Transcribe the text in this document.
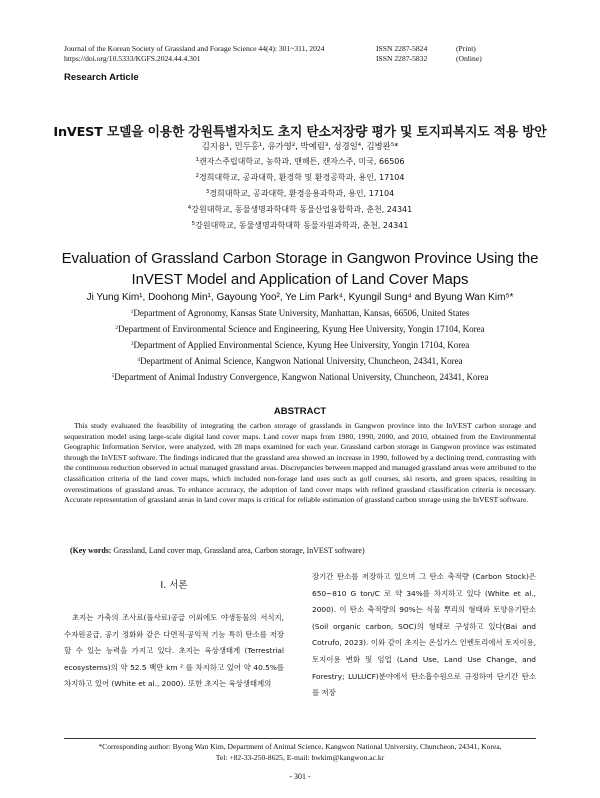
Journal of the Korean Society of Grassland and Forage Science 44(4): 301~311, 2024
https://doi.org/10.5333/KGFS.2024.44.4.301
ISSN 2287-5824	(Print)
ISSN 2287-5832	(Online)
Research Article
InVEST 모델을 이용한 강원특별자치도 초지 탄소저장량 평가 및 토지피복지도 적용 방안
김지융¹, 민두홍¹, 유가영², 박예림³, 성경일⁴, 김병완⁵*
$^1$캔자스주립대학교, 농학과, 맨해튼, 캔자스주, 미국, 66506
$^2$경희대학교, 공과대학, 환경학 및 환경공학과, 용인, 17104
$^3$경희대학교, 공과대학, 환경응용과학과, 용인, 17104
$^4$강원대학교, 동물생명과학대학 동물산업융합학과, 춘천, 24341
$^5$강원대학교, 동물생명과학대학 동물자원과학과, 춘천, 24341
Evaluation of Grassland Carbon Storage in Gangwon Province Using the
InVEST Model and Application of Land Cover Maps
Ji Yung Kim¹, Doohong Min¹, Gayoung Yoo², Ye Lim Park⁴, Kyungil Sung⁴ and Byung Wan Kim⁵*
$^1$Department of Agronomy, Kansas State University, Manhattan, Kansas, 66506, United States
$^2$Department of Environmental Science and Engineering, Kyung Hee University, Yongin 17104, Korea
$^3$Department of Applied Environmental Science, Kyung Hee University, Yongin 17104, Korea
$^4$Department of Animal Science, Kangwon National University, Chuncheon, 24341, Korea
$^5$Department of Animal Industry Convergence, Kangwon National University, Chuncheon, 24341, Korea
ABSTRACT
This study evaluated the feasibility of integrating the carbon storage of grasslands in Gangwon province into the InVEST carbon storage and sequestration model using large-scale digital land cover maps. Land cover maps from 1980, 1990, 2000, and 2010, obtained from the Environmental Geographic Information Service, were analyzed, with 28 maps examined for each year. Grassland carbon storage in Gangwon province was estimated through the InVEST software. The findings indicated that the grassland area showed an increase in 1990, followed by a declining trend, contrasting with the continuous reduction observed in actual managed grassland areas. Discrepancies between mapped and managed grassland areas were attributed to the classification criteria of the land cover maps, which included non-forage land uses such as golf courses, ski resorts, and green spaces, resulting in overestimations of grassland areas. To enhance accuracy, the adoption of land cover maps with refined grassland classification criteria is necessary. Accurate representation of grassland areas in land cover maps is critical for reliable estimation of grassland carbon storage using the InVEST software.
(Key words: Grassland, Land cover map, Grassland area, Carbon storage, InVEST software)
Ⅰ. 서론
초지는 가축의 조사료(풀사료)공급 이외에도 야생동물의 서식지, 수자원공급, 공기 정화와 같은 다면적·공익적 기능 특히 탄소를 저장할 수 있는 능력을 가지고 있다. 초지는 육상생태계 (Terrestrial ecosystems)의 약 52.5 백만 km ² 를 차지하고 있어 약 40.5%를 차지하고 있어 (White et al., 2000). 또한 초지는 육상생태계의
장기간 탄소를 저장하고 있으며 그 탄소 축적량 (Carbon Stock)은 650~810 G ton/C 로 약 34%를 차지하고 있다 (White et al., 2000). 이 탄소 축적량의 90%는 식물 뿌리의 형태와 토양유기탄소 (Soil organic carbon, SOC)의 형태로 구성하고 있다(Bai and Cotrufo, 2023). 이와 같이 초지는 온실가스 인벤토리에서 토지이용, 토지이용 변화 및 임업 (Land Use, Land Use Change, and Forestry; LULUCF)분야에서 탄소흡수원으로 규정하여 단기간 탄소를 저장
*Corresponding author: Byong Wan Kim, Department of Animal Science, Kangwon National University, Chuncheon, 24341, Korea,
Tel: +82-33-250-8625, E-mail: bwkim@kangwon.ac.kr
- 301 -
